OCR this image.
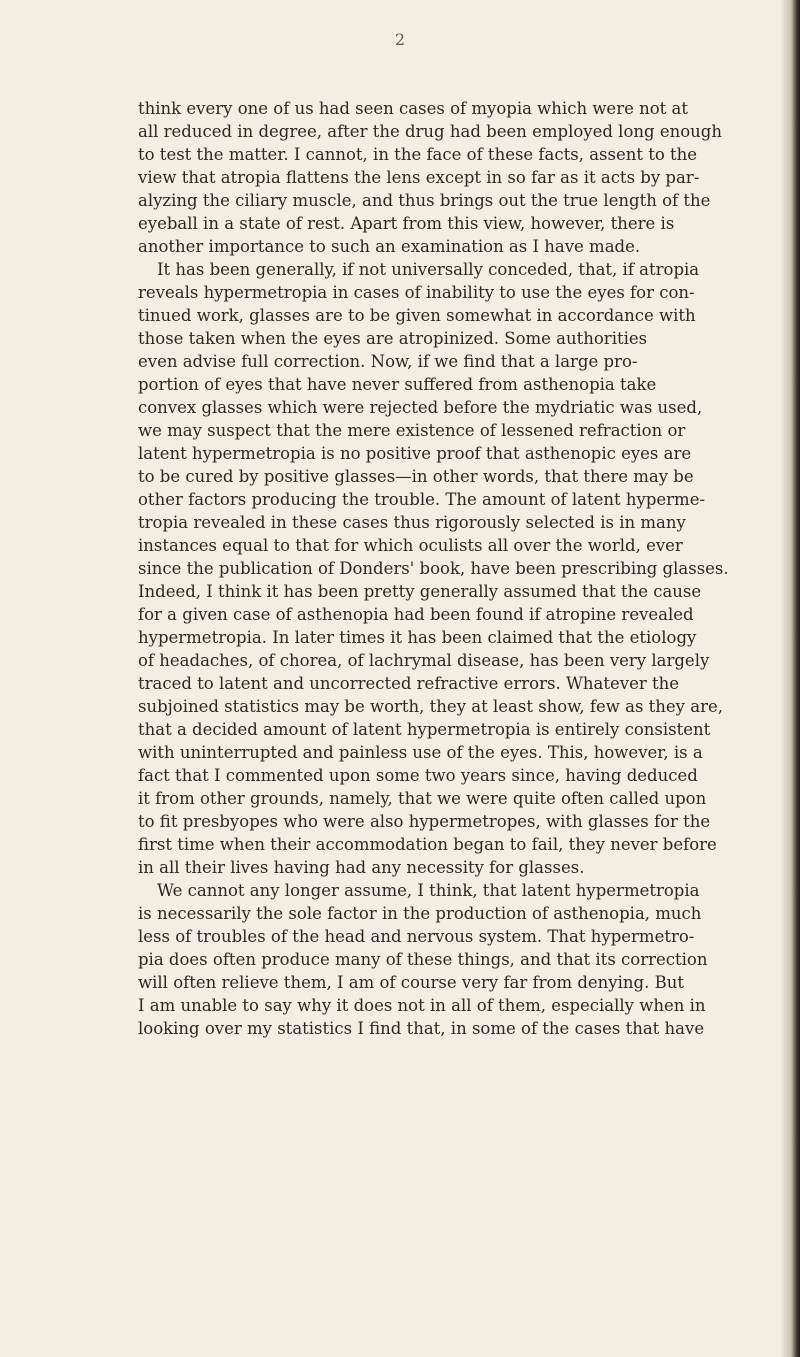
2
think every one of us had seen cases of myopia which were not at
all reduced in degree, after the drug had been employed long enough
to test the matter. I cannot, in the face of these facts, assent to the
view that atropia flattens the lens except in so far as it acts by par-
alyzing the ciliary muscle, and thus brings out the true length of the
eyeball in a state of rest. Apart from this view, however, there is
another importance to such an examination as I have made.
It has been generally, if not universally conceded, that, if atropia
reveals hypermetropia in cases of inability to use the eyes for con-
tinued work, glasses are to be given somewhat in accordance with
those taken when the eyes are atropinized. Some authorities
even advise full correction. Now, if we find that a large pro-
portion of eyes that have never suffered from asthenopia take
convex glasses which were rejected before the mydriatic was used,
we may suspect that the mere existence of lessened refraction or
latent hypermetropia is no positive proof that asthenopic eyes are
to be cured by positive glasses—in other words, that there may be
other factors producing the trouble. The amount of latent hyperme-
tropia revealed in these cases thus rigorously selected is in many
instances equal to that for which oculists all over the world, ever
since the publication of Donders' book, have been prescribing glasses.
Indeed, I think it has been pretty generally assumed that the cause
for a given case of asthenopia had been found if atropine revealed
hypermetropia. In later times it has been claimed that the etiology
of headaches, of chorea, of lachrymal disease, has been very largely
traced to latent and uncorrected refractive errors. Whatever the
subjoined statistics may be worth, they at least show, few as they are,
that a decided amount of latent hypermetropia is entirely consistent
with uninterrupted and painless use of the eyes. This, however, is a
fact that I commented upon some two years since, having deduced
it from other grounds, namely, that we were quite often called upon
to fit presbyopes who were also hypermetropes, with glasses for the
first time when their accommodation began to fail, they never before
in all their lives having had any necessity for glasses.
We cannot any longer assume, I think, that latent hypermetropia
is necessarily the sole factor in the production of asthenopia, much
less of troubles of the head and nervous system. That hypermetro-
pia does often produce many of these things, and that its correction
will often relieve them, I am of course very far from denying. But
I am unable to say why it does not in all of them, especially when in
looking over my statistics I find that, in some of the cases that have
